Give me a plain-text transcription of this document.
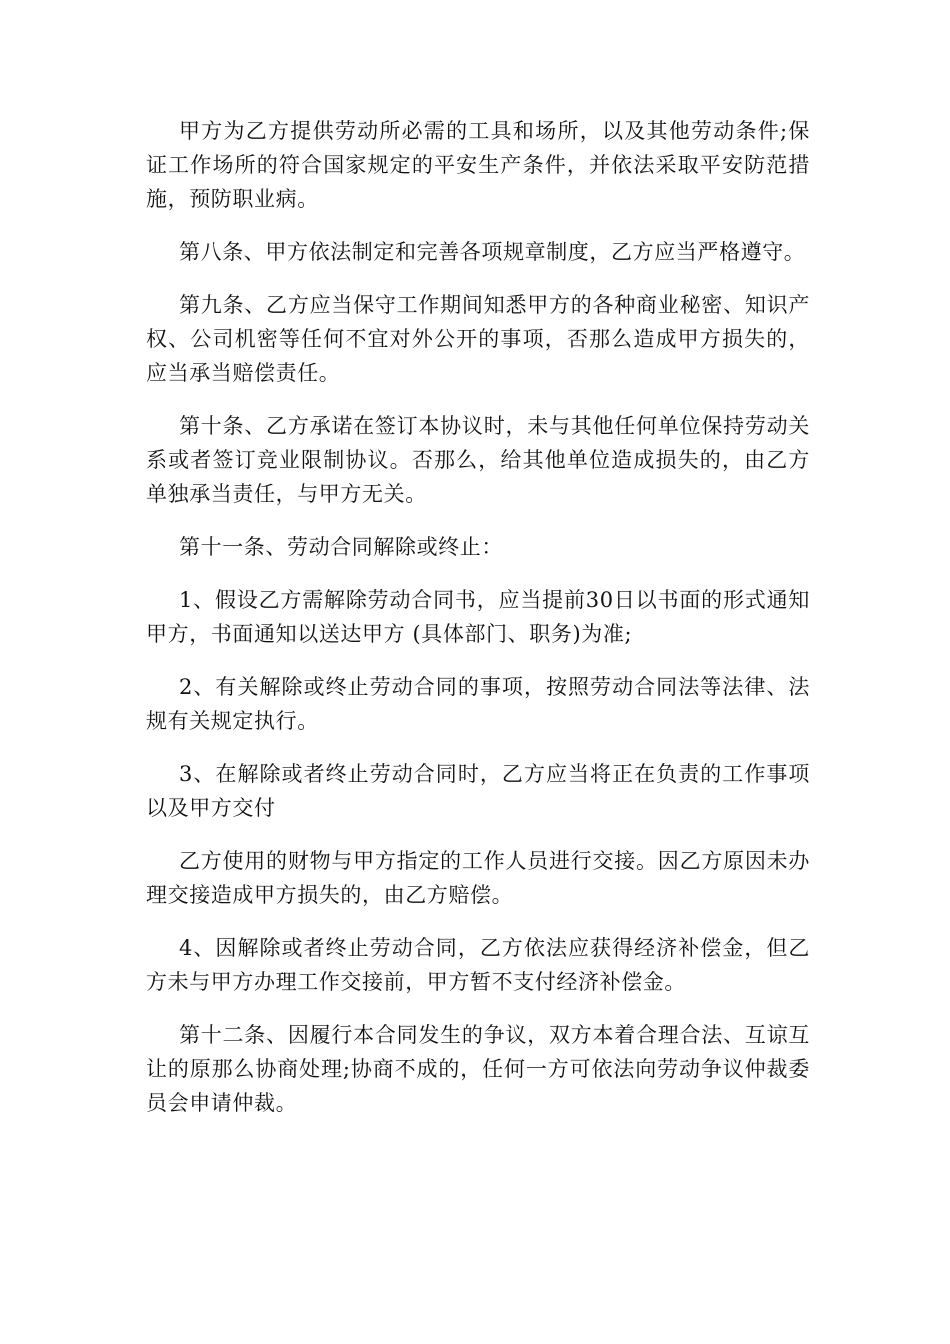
甲方为乙方提供劳动所必需的工具和场所，以及其他劳动条件;保证工作场所的符合国家规定的平安生产条件，并依法采取平安防范措施，预防职业病。

第八条、甲方依法制定和完善各项规章制度，乙方应当严格遵守。

第九条、乙方应当保守工作期间知悉甲方的各种商业秘密、知识产权、公司机密等任何不宜对外公开的事项，否那么造成甲方损失的，应当承当赔偿责任。

第十条、乙方承诺在签订本协议时，未与其他任何单位保持劳动关系或者签订竞业限制协议。否那么，给其他单位造成损失的，由乙方单独承当责任，与甲方无关。

第十一条、劳动合同解除或终止：

1、假设乙方需解除劳动合同书，应当提前30日以书面的形式通知甲方，书面通知以送达甲方 (具体部门、职务)为准;

2、有关解除或终止劳动合同的事项，按照劳动合同法等法律、法规有关规定执行。

3、在解除或者终止劳动合同时，乙方应当将正在负责的工作事项以及甲方交付

乙方使用的财物与甲方指定的工作人员进行交接。因乙方原因未办理交接造成甲方损失的，由乙方赔偿。

4、因解除或者终止劳动合同，乙方依法应获得经济补偿金，但乙方未与甲方办理工作交接前，甲方暂不支付经济补偿金。

第十二条、因履行本合同发生的争议，双方本着合理合法、互谅互让的原那么协商处理;协商不成的，任何一方可依法向劳动争议仲裁委员会申请仲裁。
